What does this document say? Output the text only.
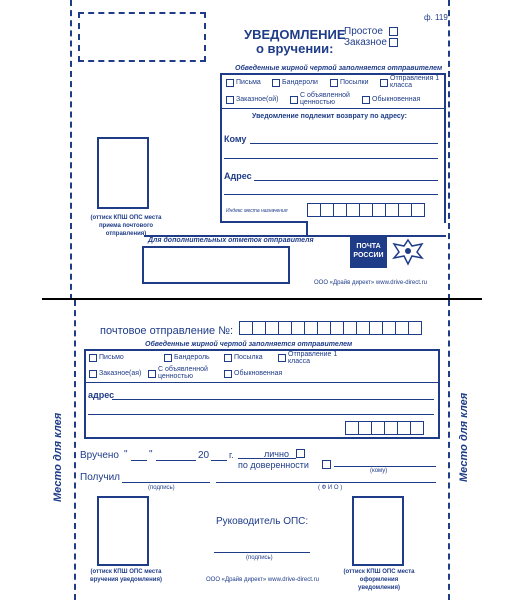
ф. 119
УВЕДОМЛЕНИЕ
о вручении:
Простое
Заказное
Обведенные жирной чертой заполняется отправителем
Письма	Бандероли	Посылки
Отправления 1 класса
Заказное(ой)
С объявленной ценностью	Обыкновенная
Уведомление подлежит возврату по адресу:
Кому
Адрес
Индекс места назначения
(оттиск КПШ ОПС места приема почтового отправления)
Для дополнительных отметок отправителя
ПОЧТА РОССИИ
ООО «Драйв директ» www.drive-direct.ru
Место для клея	Место для клея
почтовое отправление №:
Обведенные жирной чертой заполняется отправителем
Письмо	Бандероль	Посылка	Отправление 1 класса
Заказное(ая)
С объявленной ценностью	Обыкновенная
адрес
Вручено " "	20 г.	лично
по доверенности
(кому)
Получил
(подпись)	( Ф И О )
(оттиск КПШ ОПС места вручения уведомления)
Руководитель ОПС:
(подпись)
(оттиск КПШ ОПС места оформления уведомления)
ООО «Драйв директ» www.drive-direct.ru
